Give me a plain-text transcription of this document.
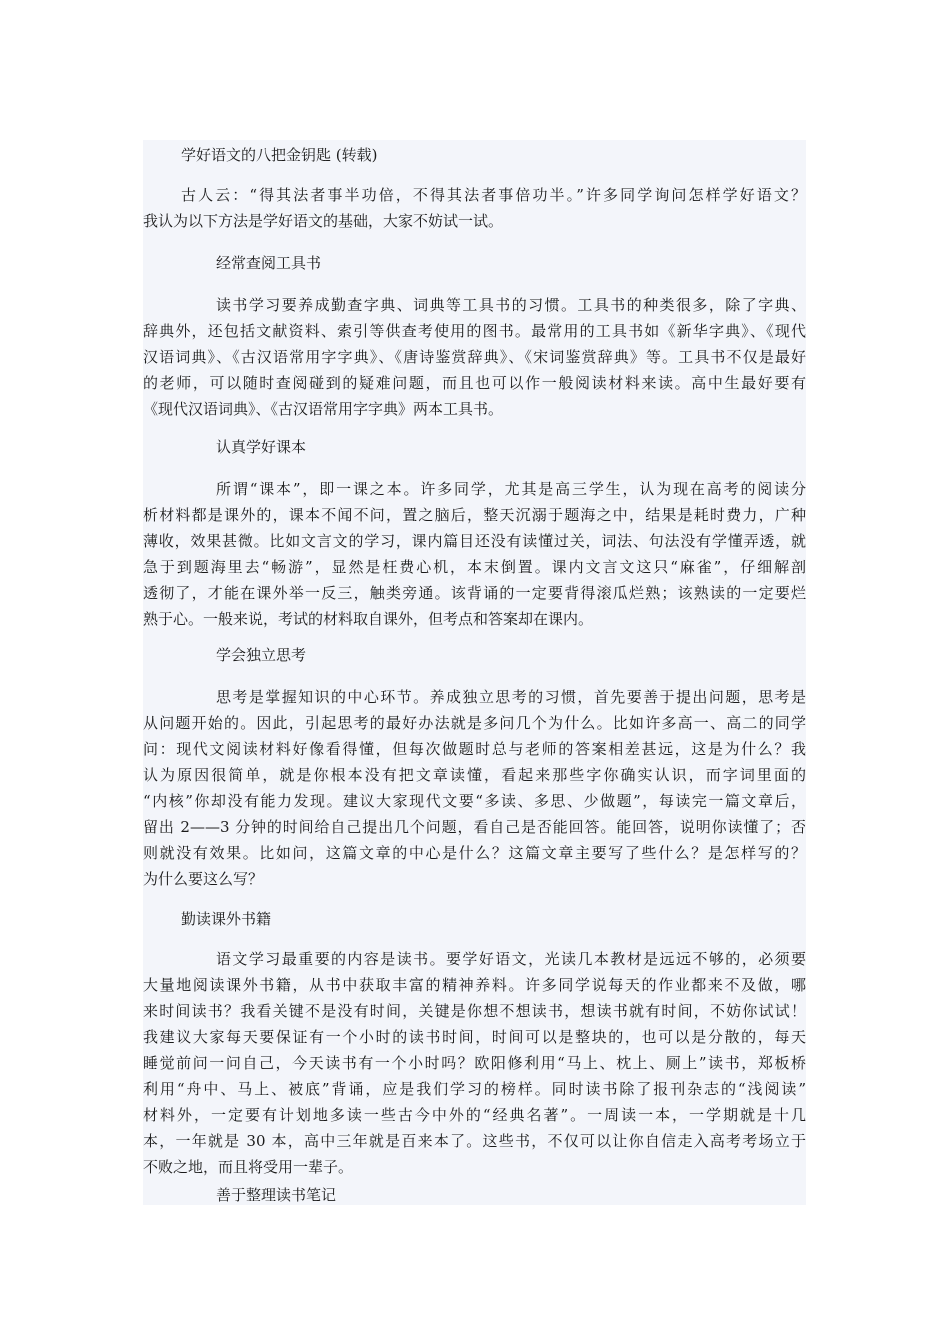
学好语文的八把金钥匙 (转载)

古人云：“得其法者事半功倍，不得其法者事倍功半。”许多同学询问怎样学好语文？

我认为以下方法是学好语文的基础，大家不妨试一试。

经常查阅工具书

读书学习要养成勤查字典、词典等工具书的习惯。工具书的种类很多，除了字典、

辞典外，还包括文献资料、索引等供查考使用的图书。最常用的工具书如《新华字典》、《现代

汉语词典》、《古汉语常用字字典》、《唐诗鉴赏辞典》、《宋词鉴赏辞典》等。工具书不仅是最好

的老师，可以随时查阅碰到的疑难问题，而且也可以作一般阅读材料来读。高中生最好要有

《现代汉语词典》、《古汉语常用字字典》两本工具书。

认真学好课本

所谓“课本”，即一课之本。许多同学，尤其是高三学生，认为现在高考的阅读分

析材料都是课外的，课本不闻不问，置之脑后，整天沉溺于题海之中，结果是耗时费力，广种

薄收，效果甚微。比如文言文的学习，课内篇目还没有读懂过关，词法、句法没有学懂弄透，就

急于到题海里去“畅游”，显然是枉费心机，本末倒置。课内文言文这只“麻雀”，仔细解剖

透彻了，才能在课外举一反三，触类旁通。该背诵的一定要背得滚瓜烂熟；该熟读的一定要烂

熟于心。一般来说，考试的材料取自课外，但考点和答案却在课内。

学会独立思考

思考是掌握知识的中心环节。养成独立思考的习惯，首先要善于提出问题，思考是

从问题开始的。因此，引起思考的最好办法就是多问几个为什么。比如许多高一、高二的同学

问：现代文阅读材料好像看得懂，但每次做题时总与老师的答案相差甚远，这是为什么？我

认为原因很简单，就是你根本没有把文章读懂，看起来那些字你确实认识，而字词里面的

“内核”你却没有能力发现。建议大家现代文要“多读、多思、少做题”，每读完一篇文章后，

留出 2——3 分钟的时间给自己提出几个问题，看自己是否能回答。能回答，说明你读懂了；否

则就没有效果。比如问，这篇文章的中心是什么？这篇文章主要写了些什么？是怎样写的？

为什么要这么写？

勤读课外书籍

语文学习最重要的内容是读书。要学好语文，光读几本教材是远远不够的，必须要

大量地阅读课外书籍，从书中获取丰富的精神养料。许多同学说每天的作业都来不及做，哪

来时间读书？我看关键不是没有时间，关键是你想不想读书，想读书就有时间，不妨你试试！

我建议大家每天要保证有一个小时的读书时间，时间可以是整块的，也可以是分散的，每天

睡觉前问一问自己，今天读书有一个小时吗？欧阳修利用“马上、枕上、厕上”读书，郑板桥

利用“舟中、马上、被底”背诵，应是我们学习的榜样。同时读书除了报刊杂志的“浅阅读”

材料外，一定要有计划地多读一些古今中外的“经典名著”。一周读一本，一学期就是十几

本，一年就是 30 本，高中三年就是百来本了。这些书，不仅可以让你自信走入高考考场立于

不败之地，而且将受用一辈子。

善于整理读书笔记
